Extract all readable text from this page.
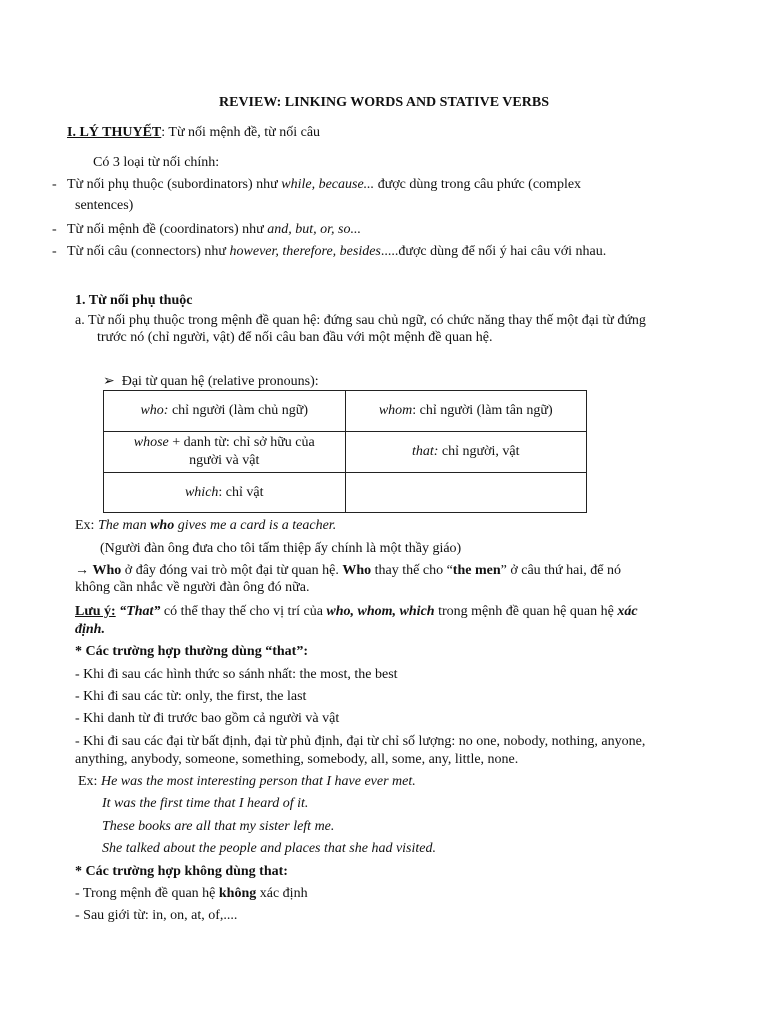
REVIEW: LINKING WORDS AND STATIVE VERBS
I. LÝ THUYẾT: Từ nối mệnh đề, từ nối câu
Có 3 loại từ nối chính:
- Từ nối phụ thuộc (subordinators) như while, because... được dùng trong câu phức (complex
sentences)
- Từ nối mệnh đề (coordinators) như and, but, or, so...
- Từ nối câu (connectors) như however, therefore, besides.....được dùng để nối ý hai câu với nhau.
1. Từ nối phụ thuộc
a. Từ nối phụ thuộc trong mệnh đề quan hệ: đứng sau chủ ngữ, có chức năng thay thế một đại từ đứng
trước nó (chỉ người, vật) để nối câu ban đầu với một mệnh đề quan hệ.
➢ Đại từ quan hệ (relative pronouns):
who: chỉ người (làm chủ ngữ)	whom: chỉ người (làm tân ngữ)
whose + danh từ: chỉ sở hữu của
người và vật	that: chỉ người, vật
which: chỉ vật	
Ex: The man who gives me a card is a teacher.
(Người đàn ông đưa cho tôi tấm thiệp ấy chính là một thầy giáo)
→ Who ở đây đóng vai trò một đại từ quan hệ. Who thay thế cho “the men” ở câu thứ hai, để nó
không cần nhắc về người đàn ông đó nữa.
Lưu ý: “That” có thể thay thế cho vị trí của who, whom, which trong mệnh đề quan hệ quan hệ xác
định.
* Các trường hợp thường dùng “that”:
- Khi đi sau các hình thức so sánh nhất: the most, the best
- Khi đi sau các từ: only, the first, the last
- Khi danh từ đi trước bao gồm cả người và vật
- Khi đi sau các đại từ bất định, đại từ phủ định, đại từ chỉ số lượng: no one, nobody, nothing, anyone,
anything, anybody, someone, something, somebody, all, some, any, little, none.
Ex: He was the most interesting person that I have ever met.
It was the first time that I heard of it.
These books are all that my sister left me.
She talked about the people and places that she had visited.
* Các trường hợp không dùng that:
- Trong mệnh đề quan hệ không xác định
- Sau giới từ: in, on, at, of,....
